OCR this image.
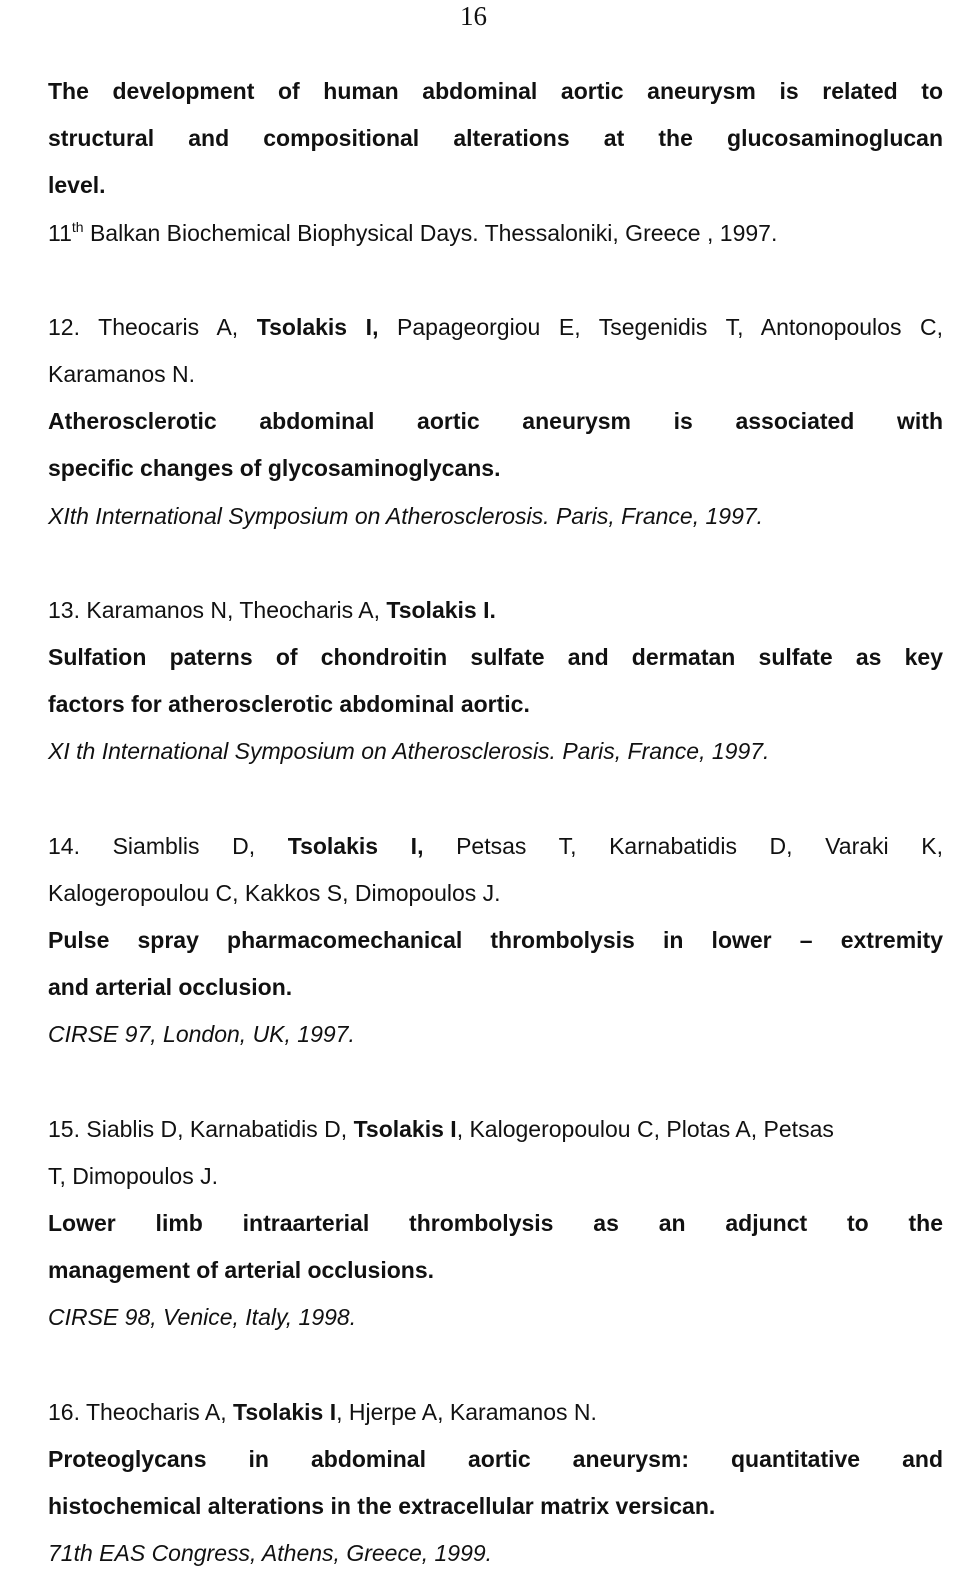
16
The development of human abdominal aortic aneurysm is related to
structural and compositional alterations at the glucosaminoglucan
level.
11th Balkan Biochemical Biophysical Days. Thessaloniki, Greece , 1997.
12. Theocaris A, Tsolakis I, Papageorgiou E, Tsegenidis T, Antonopoulos C,
Karamanos N.
Atherosclerotic abdominal aortic aneurysm is associated with
specific changes of glycosaminoglycans.
XIth International Symposium on Atherosclerosis. Paris, France, 1997.
13. Karamanos N, Theocharis A, Tsolakis I.
Sulfation paterns of chondroitin sulfate and dermatan sulfate as key
factors for atherosclerotic abdominal aortic.
XI th International Symposium on Atherosclerosis. Paris, France, 1997.
14. Siamblis D, Tsolakis I, Petsas T, Karnabatidis D, Varaki K,
Kalogeropoulou C, Kakkos S, Dimopoulos J.
Pulse spray pharmacomechanical thrombolysis in lower – extremity
and arterial occlusion.
CIRSE 97, London, UK, 1997.
15. Siablis D, Karnabatidis D, Tsolakis I, Kalogeropoulou C, Plotas A, Petsas
T, Dimopoulos J.
Lower limb intraarterial thrombolysis as an adjunct to the
management of arterial occlusions.
CIRSE 98, Venice, Italy, 1998.
16. Theocharis A, Tsolakis I, Hjerpe A, Karamanos N.
Proteoglycans in abdominal aortic aneurysm: quantitative and
histochemical alterations in the extracellular matrix versican.
71th EAS Congress, Athens, Greece, 1999.
